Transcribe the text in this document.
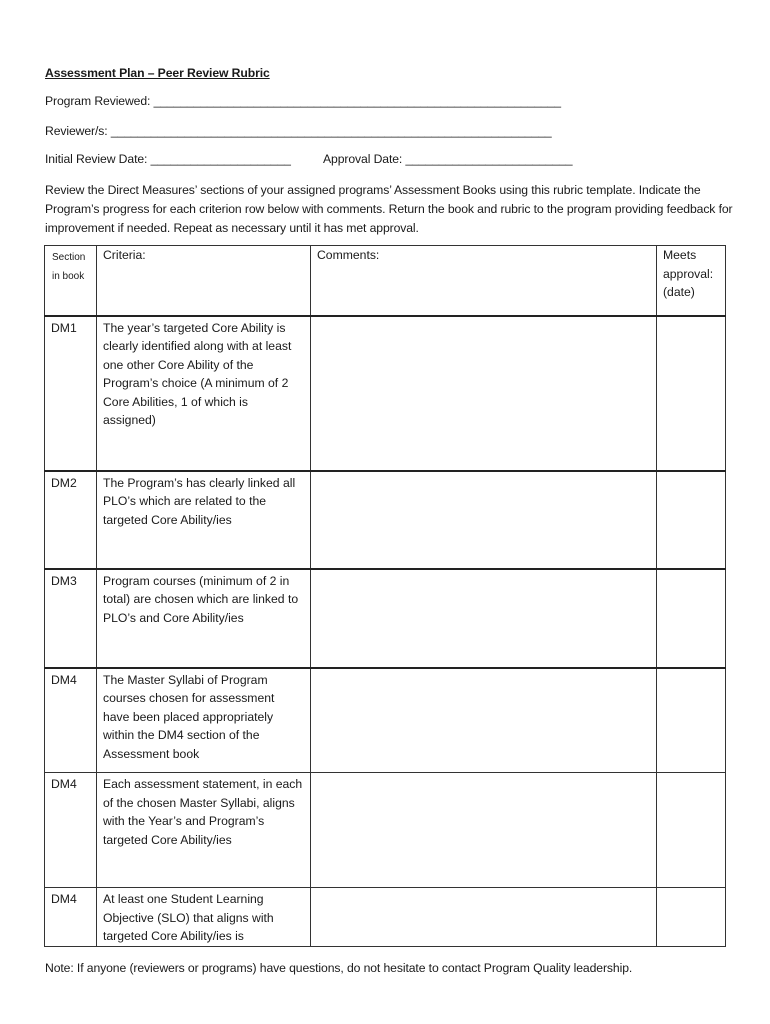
Assessment Plan – Peer Review Rubric
Program Reviewed: _____________________________________________________________
Reviewer/s: __________________________________________________________________
Initial Review Date: _____________________	Approval Date: _________________________
Review the Direct Measures’ sections of your assigned programs’ Assessment Books using this rubric template. Indicate the Program’s progress for each criterion row below with comments. Return the book and rubric to the program providing feedback for improvement if needed. Repeat as necessary until it has met approval.
Section in book	Criteria:	Comments:	Meets approval: (date)
DM1	The year’s targeted Core Ability is clearly identified along with at least one other Core Ability of the Program’s choice (A minimum of 2 Core Abilities, 1 of which is assigned)		
DM2	The Program’s has clearly linked all PLO’s which are related to the targeted Core Ability/ies		
DM3	Program courses (minimum of 2 in total) are chosen which are linked to PLO’s and Core Ability/ies		
DM4	The Master Syllabi of Program courses chosen for assessment have been placed appropriately within the DM4 section of the Assessment book		
DM4	Each assessment statement, in each of the chosen Master Syllabi, aligns with the Year’s and Program’s targeted Core Ability/ies		
DM4	At least one Student Learning Objective (SLO) that aligns with targeted Core Ability/ies is		
Note: If anyone (reviewers or programs) have questions, do not hesitate to contact Program Quality leadership.
